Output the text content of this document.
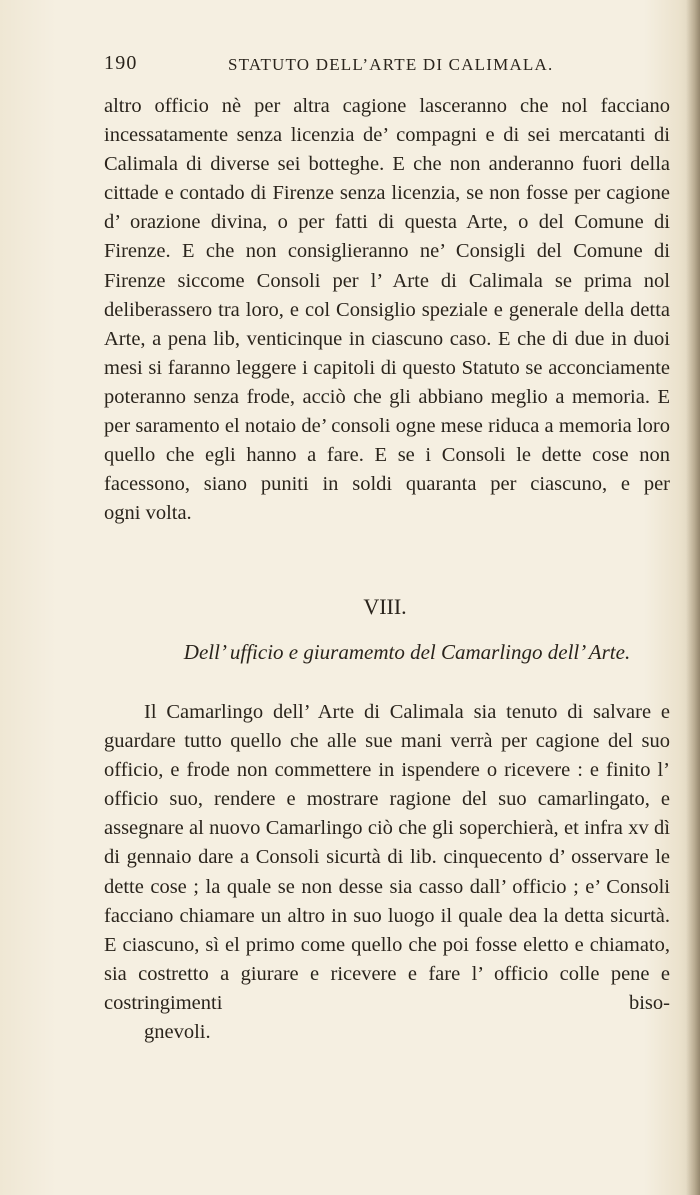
190	STATUTO DELL’ARTE DI CALIMALA.
altro officio nè per altra cagione lasceranno che nol facciano incessatamente senza licenzia de’ compagni e di sei mercatanti di Calimala di diverse sei botteghe. E che non anderanno fuori della cittade e contado di Firenze senza licenzia, se non fosse per cagione d’ orazione divina, o per fatti di questa Arte, o del Comune di Firenze. E che non consiglieranno ne’ Consigli del Comune di Firenze siccome Consoli per l’ Arte di Calimala se prima nol deliberassero tra loro, e col Consiglio speziale e generale della detta Arte, a pena lib, venticinque in ciascuno caso. E che di due in duoi mesi si faranno leggere i capitoli di questo Statuto se acconciamente poteranno senza frode, acciò che gli abbiano meglio a memoria. E per saramento el notaio de’ consoli ogne mese riduca a memoria loro quello che egli hanno a fare. E se i Consoli le dette cose non facessono, siano puniti in soldi quaranta per ciascuno, e per
ogni volta.
VIII.
Dell’ ufficio e giuramemto del Camarlingo dell’ Arte.
Il Camarlingo dell’ Arte di Calimala sia tenuto di salvare e guardare tutto quello che alle sue mani verrà per cagione del suo officio, e frode non commettere in ispendere o ricevere : e finito l’ officio suo, rendere e mostrare ragione del suo camarlingato, e assegnare al nuovo Camarlingo ciò che gli soperchierà, et infra xv dì di gennaio dare a Consoli sicurtà di lib. cinquecento d’ osservare le dette cose ; la quale se non desse sia casso dall’ officio ; e’ Consoli facciano chiamare un altro in suo luogo il quale dea la detta sicurtà. E ciascuno, sì el primo come quello che poi fosse eletto e chiamato, sia costretto a giurare e ricevere e fare l’ officio colle pene e costringimenti biso-
gnevoli.
